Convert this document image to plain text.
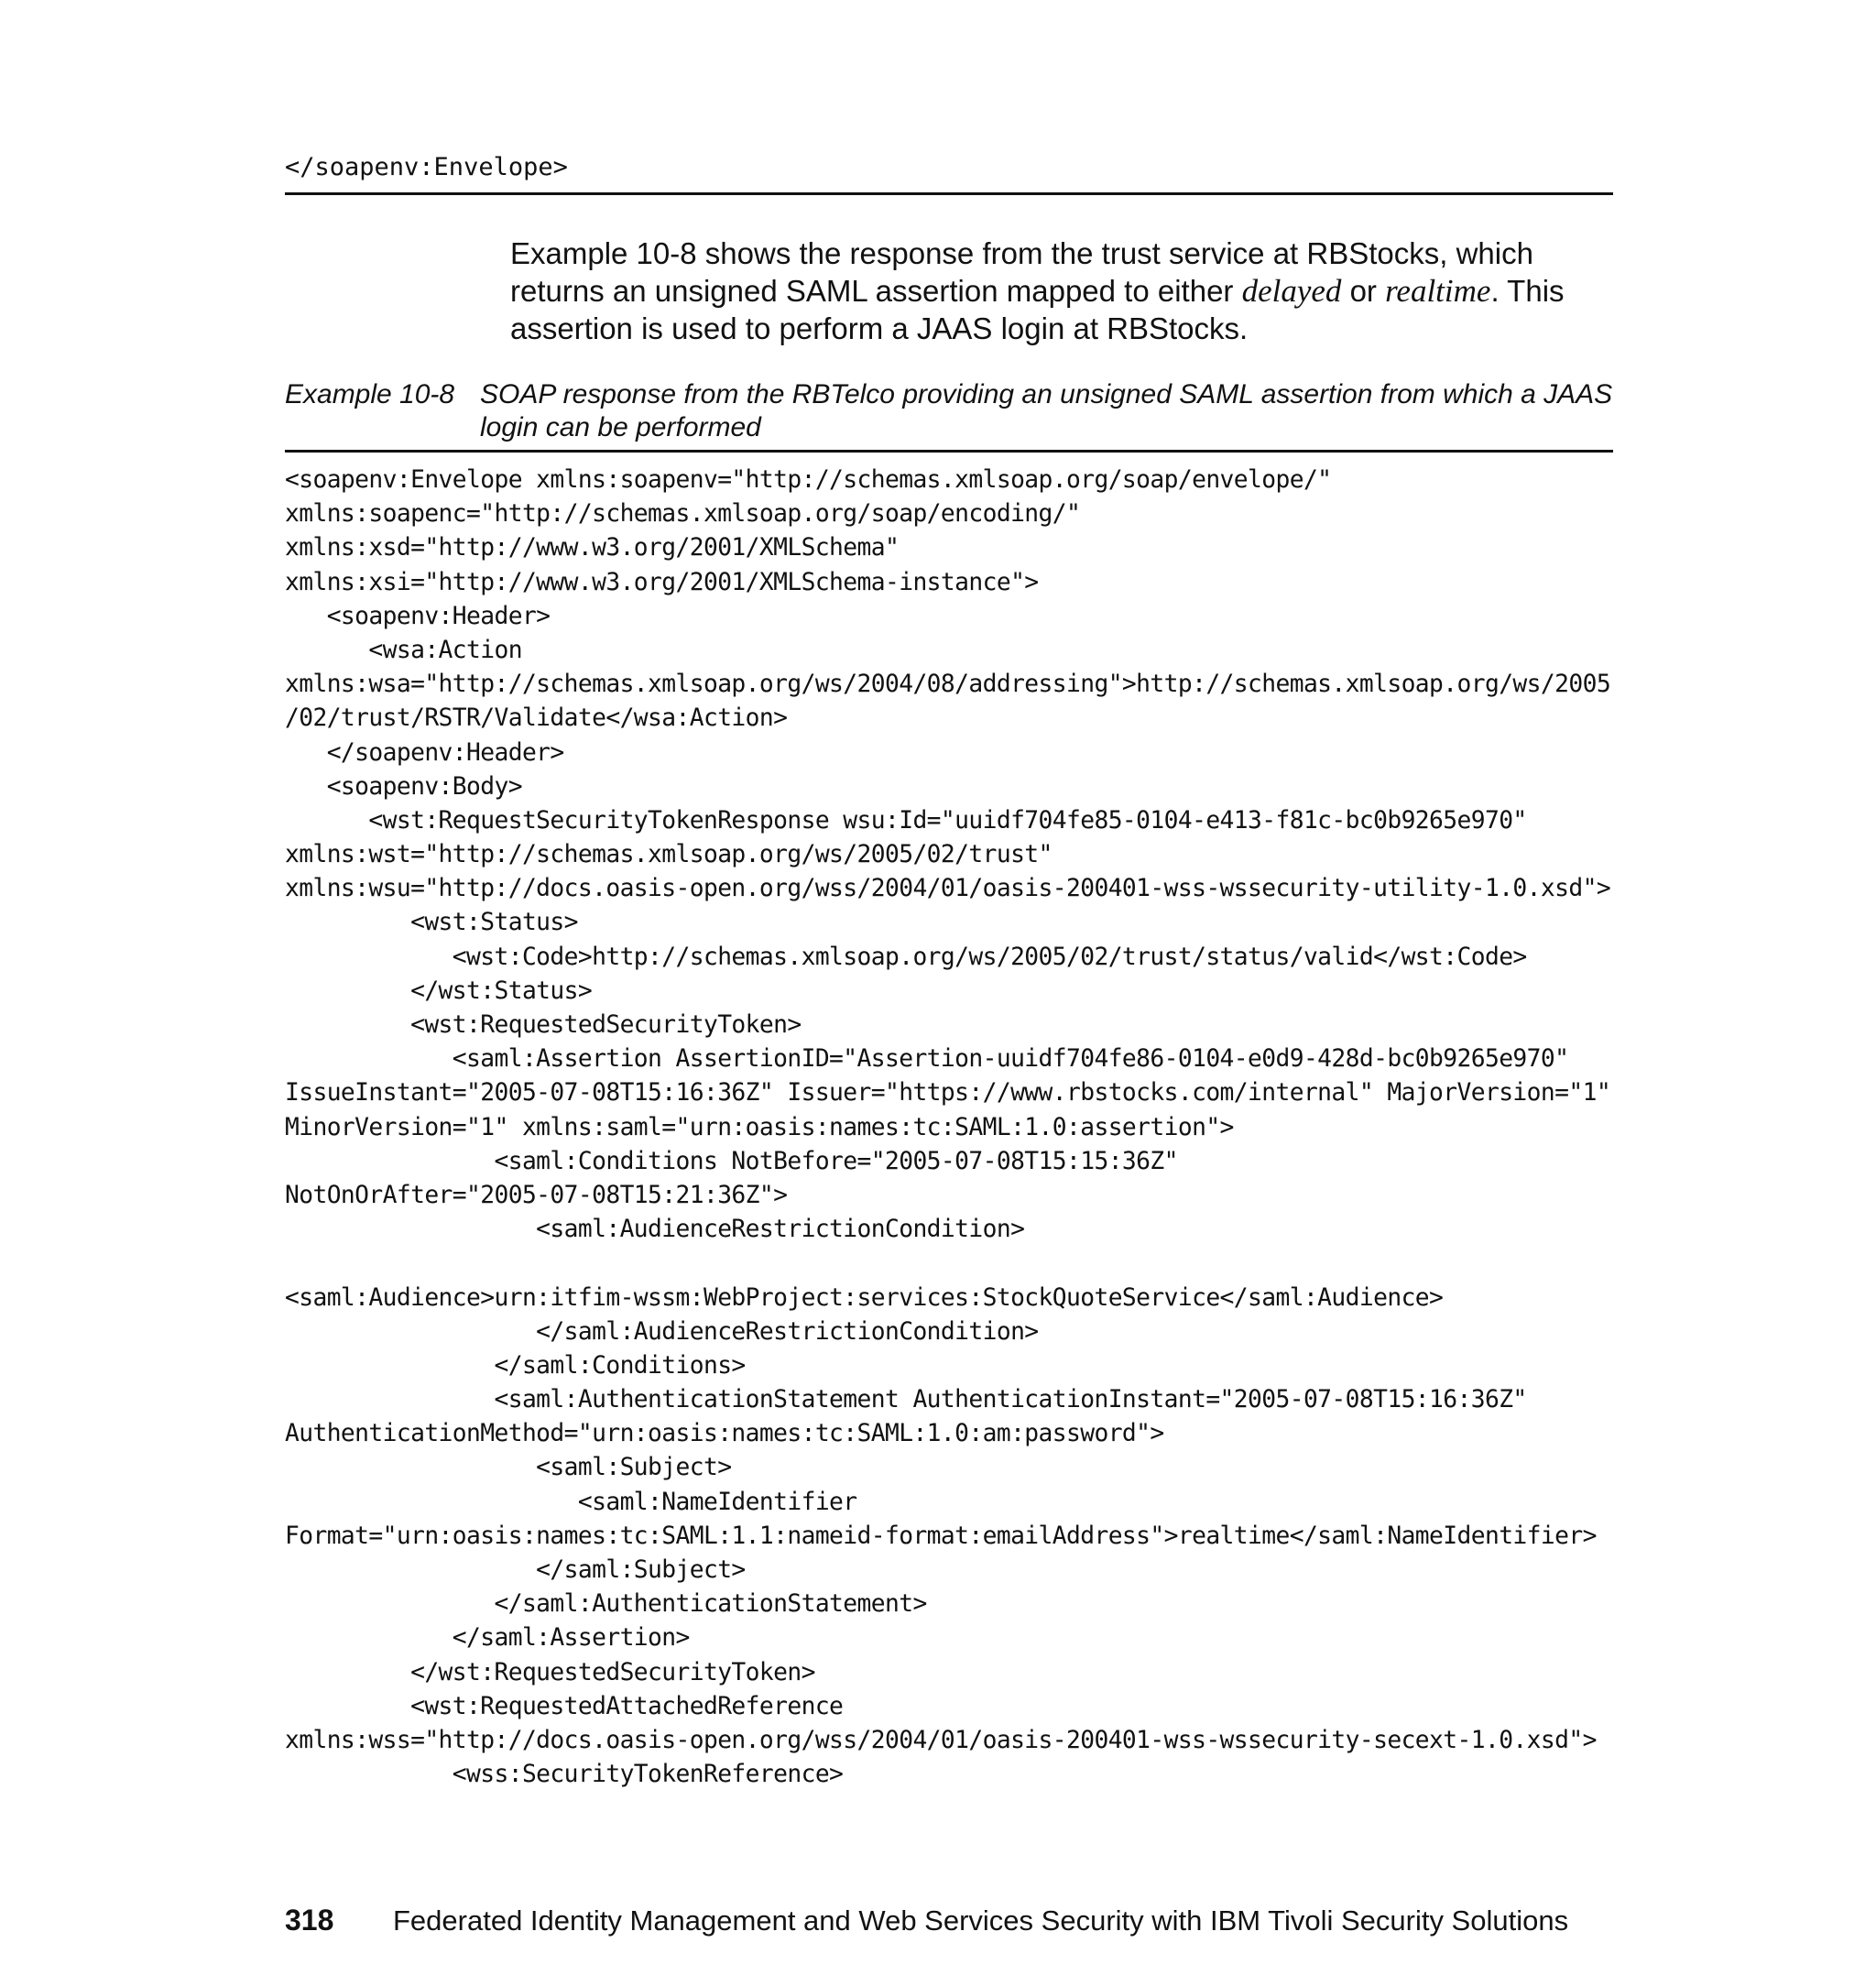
</soapenv:Envelope>

Example 10-8 shows the response from the trust service at RBStocks, which returns an unsigned SAML assertion mapped to either delayed or realtime. This assertion is used to perform a JAAS login at RBStocks.

Example 10-8 SOAP response from the RBTelco providing an unsigned SAML assertion from which a JAAS login can be performed
<soapenv:Envelope xmlns:soapenv="http://schemas.xmlsoap.org/soap/envelope/"
xmlns:soapenc="http://schemas.xmlsoap.org/soap/encoding/"
xmlns:xsd="http://www.w3.org/2001/XMLSchema"
xmlns:xsi="http://www.w3.org/2001/XMLSchema-instance">
<soapenv:Header>
<wsa:Action
xmlns:wsa="http://schemas.xmlsoap.org/ws/2004/08/addressing">http://schemas.xmlsoap.org/ws/2005
/02/trust/RSTR/Validate</wsa:Action>
</soapenv:Header>
<soapenv:Body>
<wst:RequestSecurityTokenResponse wsu:Id="uuidf704fe85-0104-e413-f81c-bc0b9265e970"
xmlns:wst="http://schemas.xmlsoap.org/ws/2005/02/trust"
xmlns:wsu="http://docs.oasis-open.org/wss/2004/01/oasis-200401-wss-wssecurity-utility-1.0.xsd">
<wst:Status>
<wst:Code>http://schemas.xmlsoap.org/ws/2005/02/trust/status/valid</wst:Code>
</wst:Status>
<wst:RequestedSecurityToken>
<saml:Assertion AssertionID="Assertion-uuidf704fe86-0104-e0d9-428d-bc0b9265e970"
IssueInstant="2005-07-08T15:16:36Z" Issuer="https://www.rbstocks.com/internal" MajorVersion="1"
MinorVersion="1" xmlns:saml="urn:oasis:names:tc:SAML:1.0:assertion">
<saml:Conditions NotBefore="2005-07-08T15:15:36Z"
NotOnOrAfter="2005-07-08T15:21:36Z">
<saml:AudienceRestrictionCondition>
<saml:Audience>urn:itfim-wssm:WebProject:services:StockQuoteService</saml:Audience>
</saml:AudienceRestrictionCondition>
</saml:Conditions>
<saml:AuthenticationStatement AuthenticationInstant="2005-07-08T15:16:36Z"
AuthenticationMethod="urn:oasis:names:tc:SAML:1.0:am:password">
<saml:Subject>
<saml:NameIdentifier
Format="urn:oasis:names:tc:SAML:1.1:nameid-format:emailAddress">realtime</saml:NameIdentifier>
</saml:Subject>
</saml:AuthenticationStatement>
</saml:Assertion>
</wst:RequestedSecurityToken>
<wst:RequestedAttachedReference
xmlns:wss="http://docs.oasis-open.org/wss/2004/01/oasis-200401-wss-wssecurity-secext-1.0.xsd">
<wss:SecurityTokenReference>
318 Federated Identity Management and Web Services Security with IBM Tivoli Security Solutions
